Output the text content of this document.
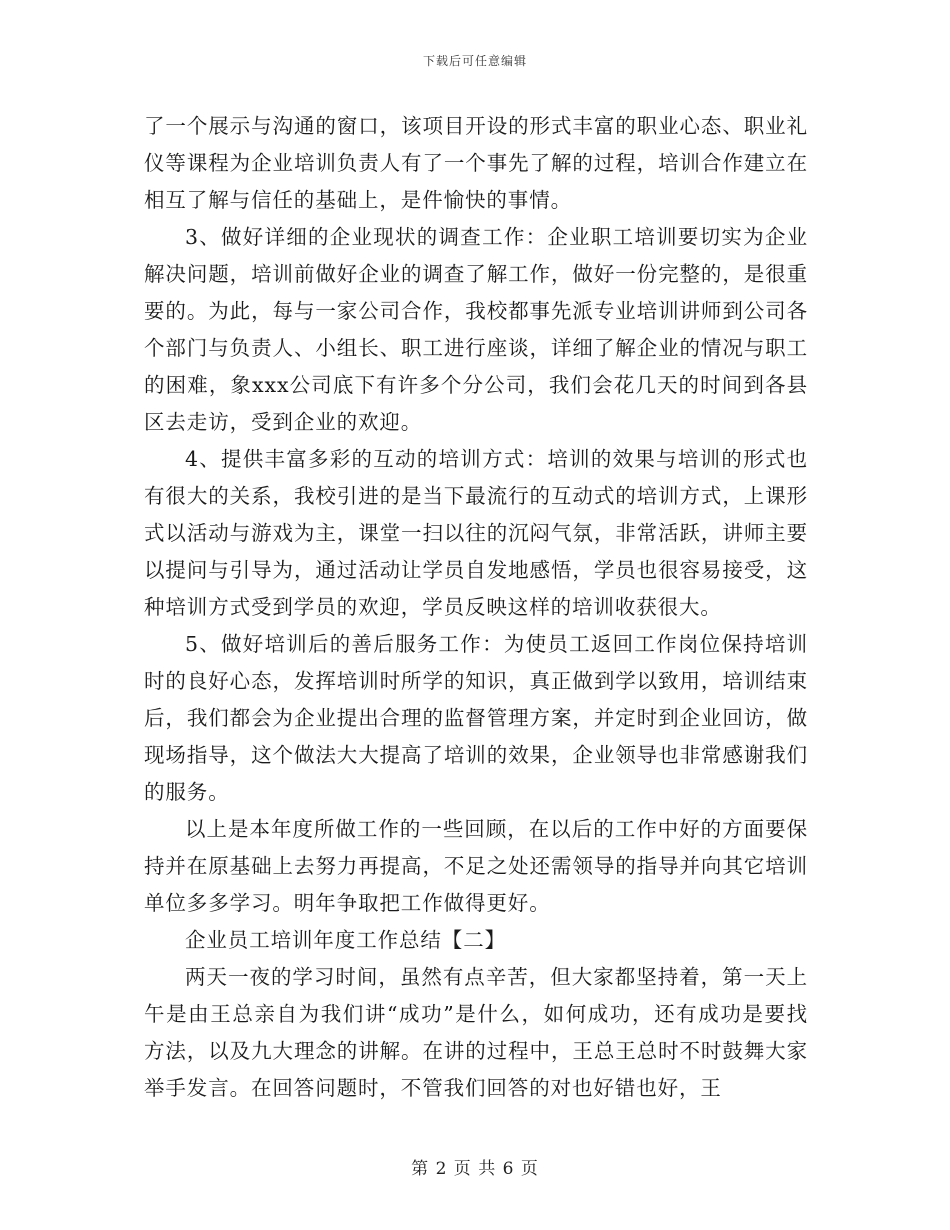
下载后可任意编辑

了一个展示与沟通的窗口，该项目开设的形式丰富的职业心态、职业礼仪等课程为企业培训负责人有了一个事先了解的过程，培训合作建立在相互了解与信任的基础上，是件愉快的事情。

3、做好详细的企业现状的调查工作：企业职工培训要切实为企业解决问题，培训前做好企业的调查了解工作，做好一份完整的，是很重要的。为此，每与一家公司合作，我校都事先派专业培训讲师到公司各个部门与负责人、小组长、职工进行座谈，详细了解企业的情况与职工的困难，象xxx公司底下有许多个分公司，我们会花几天的时间到各县区去走访，受到企业的欢迎。

4、提供丰富多彩的互动的培训方式：培训的效果与培训的形式也有很大的关系，我校引进的是当下最流行的互动式的培训方式，上课形式以活动与游戏为主，课堂一扫以往的沉闷气氛，非常活跃，讲师主要以提问与引导为，通过活动让学员自发地感悟，学员也很容易接受，这种培训方式受到学员的欢迎，学员反映这样的培训收获很大。

5、做好培训后的善后服务工作：为使员工返回工作岗位保持培训时的良好心态，发挥培训时所学的知识，真正做到学以致用，培训结束后，我们都会为企业提出合理的监督管理方案，并定时到企业回访，做现场指导，这个做法大大提高了培训的效果，企业领导也非常感谢我们的服务。

以上是本年度所做工作的一些回顾，在以后的工作中好的方面要保持并在原基础上去努力再提高，不足之处还需领导的指导并向其它培训单位多多学习。明年争取把工作做得更好。

企业员工培训年度工作总结【二】

两天一夜的学习时间，虽然有点辛苦，但大家都坚持着，第一天上午是由王总亲自为我们讲“成功”是什么，如何成功，还有成功是要找方法，以及九大理念的讲解。在讲的过程中，王总王总时不时鼓舞大家举手发言。在回答问题时，不管我们回答的对也好错也好，王

第 2 页 共 6 页
